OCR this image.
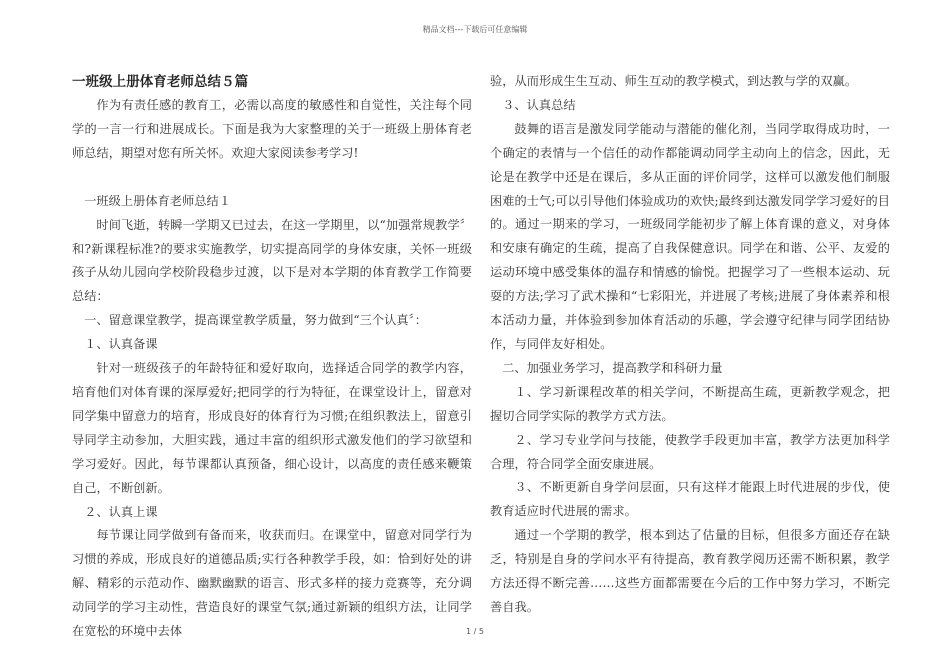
精品文档---下载后可任意编辑

一班级上册体育老师总结５篇

作为有责任感的教育工，必需以高度的敏感性和自觉性，关注每个同学的一言一行和进展成长。下面是我为大家整理的关于一班级上册体育老师总结，期望对您有所关怀。欢迎大家阅读参考学习!

一班级上册体育老师总结１

时间飞逝，转瞬一学期又已过去，在这一学期里，以“加强常规教学〞和?新课程标准?的要求实施教学，切实提高同学的身体安康，关怀一班级孩子从幼儿园向学校阶段稳步过渡，以下是对本学期的体育教学工作简要总结：

一、留意课堂教学，提高课堂教学质量，努力做到“三个认真〞：

１、认真备课

针对一班级孩子的年龄特征和爱好取向，选择适合同学的教学内容，培育他们对体育课的深厚爱好;把同学的行为特征，在课堂设计上，留意对同学集中留意力的培育，形成良好的体育行为习惯;在组织教法上，留意引导同学主动参加，大胆实践，通过丰富的组织形式激发他们的学习欲望和学习爱好。因此，每节课都认真预备，细心设计，以高度的责任感来鞭策自己，不断创新。

２、认真上课

每节课让同学做到有备而来，收获而归。在课堂中，留意对同学行为习惯的养成，形成良好的道德品质;实行各种教学手段，如：恰到好处的讲解、精彩的示范动作、幽默幽默的语言、形式多样的接力竞赛等，充分调动同学的学习主动性，营造良好的课堂气氛;通过新颖的组织方法，让同学在宽松的环境中去体

验，从而形成生生互动、师生互动的教学模式，到达教与学的双赢。

３、认真总结

鼓舞的语言是激发同学能动与潜能的催化剂，当同学取得成功时，一个确定的表情与一个信任的动作都能调动同学主动向上的信念，因此，无论是在教学中还是在课后，多从正面的评价同学，这样可以激发他们制服困难的士气;可以引导他们体验成功的欢快;最终到达激发同学学习爱好的目的。通过一期来的学习，一班级同学能初步了解上体育课的意义，对身体和安康有确定的生疏，提高了自我保健意识。同学在和谐、公平、友爱的运动环境中感受集体的温存和情感的愉悦。把握学习了一些根本运动、玩耍的方法;学习了武术操和“七彩阳光，并进展了考核;进展了身体素养和根本活动力量，并体验到参加体育活动的乐趣，学会遵守纪律与同学团结协作，与同伴友好相处。

二、加强业务学习，提高教学和科研力量

１、学习新课程改革的相关学问，不断提高生疏，更新教学观念，把握切合同学实际的教学方式方法。

２、学习专业学问与技能，使教学手段更加丰富，教学方法更加科学合理，符合同学全面安康进展。

３、不断更新自身学问层面，只有这样才能跟上时代进展的步伐，使教育适应时代进展的需求。

通过一个学期的教学，根本到达了估量的目标，但很多方面还存在缺乏，特别是自身的学问水平有待提高，教育教学阅历还需不断积累，教学方法还得不断完善……这些方面都需要在今后的工作中努力学习，不断完善自我。

1 / 5
